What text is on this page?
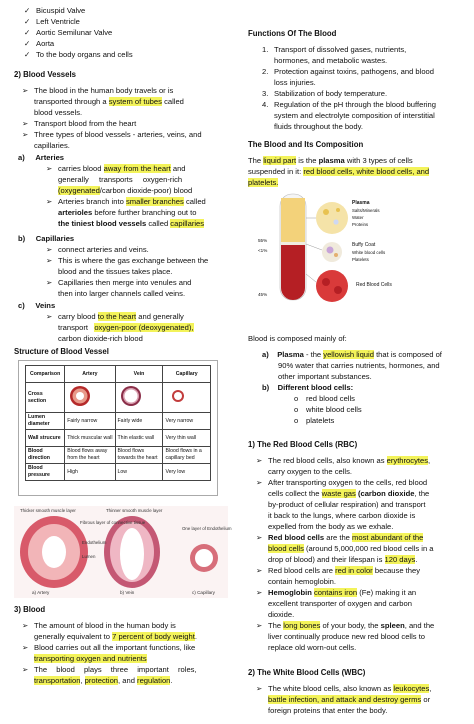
✓ Bicuspid Valve
✓ Left Ventricle
✓ Aortic Semilunar Valve
✓ Aorta
✓ To the body organs and cells
2) Blood Vessels
➢ The blood in the human body travels or is
transported through a system of tubes called
blood vessels.
➢ Transport blood from the heart
➢ Three types of blood vessels - arteries, veins, and
capillaries.
a) Arteries
➢ carries blood away from the heart and
generally transports oxygen-rich
(oxygenated/carbon dioxide-poor) blood
➢ Arteries branch into smaller branches called
arterioles before further branching out to
the tiniest blood vessels called capillaries
b) Capillaries
➢ connect arteries and veins.
➢ This is where the gas exchange between the
blood and the tissues takes place.
➢ Capillaries then merge into venules and
then into larger channels called veins.
c) Veins
➢ carry blood to the heart and generally
transport oxygen-poor (deoxygenated),
carbon dioxide-rich blood
Structure of Blood Vessel
Comparison	Artery	Vein	Capillary
Cross section			
Lumen diameter	Fairly narrow	Fairly wide	Very narrow
Wall strucure	Thick muscular wall	Thin elastic wall	Very thin wall
Blood direction	Blood flows away from the heart	Blood flows towards the heart	Blood flows in a capillary bed
Blood pressure	High	Low	Very low
Thicker smooth muscle layer	Thinner smooth muscle layer
Fibrous layer of connective tissue
Endothelium
Lumen
One layer of Endothelium
a) Artery	b) Vein	c) Capillary
3) Blood
➢ The amount of blood in the human body is
generally equivalent to 7 percent of body weight.
➢ Blood carries out all the important functions, like
transporting oxygen and nutrients
➢ The blood plays three important roles,
transportation, protection, and regulation.
Functions Of The Blood
1. Transport of dissolved gases, nutrients,
hormones, and metabolic wastes.
2. Protection against toxins, pathogens, and blood
loss injuries.
3. Stabilization of body temperature.
4. Regulation of the pH through the blood buffering
system and electrolyte composition of interstitial
fluids throughout the body.
The Blood and Its Composition
The liquid part is the plasma with 3 types of cells
suspended in it: red blood cells, white blood cells, and
platelets.
Plasma
Salts/Minerals
Water
Proteins
Buffy Coat
White blood cells
Platelets
Red Blood Cells
55%
<1%
45%
Blood is composed mainly of:
a) Plasma - the yellowish liquid that is composed of
90% water that carries nutrients, hormones, and
other important substances.
b) Different blood cells:
o red blood cells
o white blood cells
o platelets
1) The Red Blood Cells (RBC)
➢ The red blood cells, also known as erythrocytes,
carry oxygen to the cells.
➢ After transporting oxygen to the cells, red blood
cells collect the waste gas (carbon dioxide, the
by-product of cellular respiration) and transport
it back to the lungs, where carbon dioxide is
expelled from the body as we exhale.
➢ Red blood cells are the most abundant of the
blood cells (around 5,000,000 red blood cells in a
drop of blood) and their lifespan is 120 days.
➢ Red blood cells are red in color because they
contain hemoglobin.
➢ Hemoglobin contains iron (Fe) making it an
excellent transporter of oxygen and carbon
dioxide.
➢ The long bones of your body, the spleen, and the
liver continually produce new red blood cells to
replace old worn-out cells.
2) The White Blood Cells (WBC)
➢ The white blood cells, also known as leukocytes,
battle infection, and attack and destroy germs or
foreign proteins that enter the body.
